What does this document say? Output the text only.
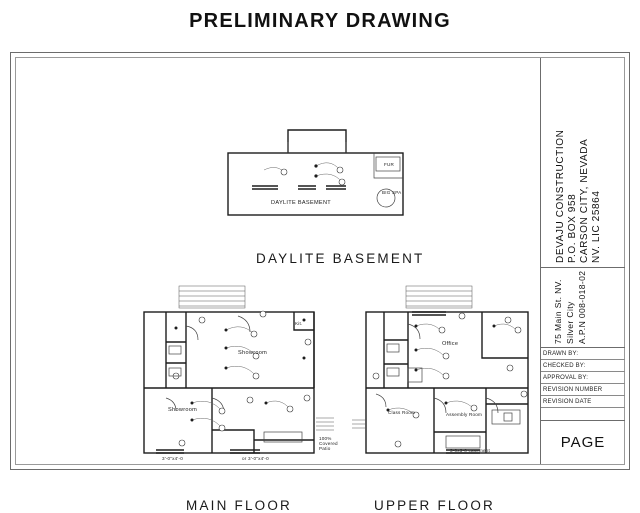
PRELIMINARY DRAWING
FUR
BIG SPA
DAYLITE BASEMENT
DAYLITE BASEMENT
Kit.
Showroom
Showroom
3'-0"x4'-0	or 3'-0"x4'-0
100% Covered Patio
MAIN FLOOR
Office
Class Room	Assembly Room
3-0x3-0 casement
UPPER FLOOR
DEVAJU CONSTRUCTION P.O. BOX 958 CARSON CITY, NEVADA NV. LIC 25864
75 Main St. NV. Silver City A.P.N 008-018-02
DRAWN BY:
CHECKED BY:
APPROVAL BY:
REVISION NUMBER
REVISION DATE
PAGE
